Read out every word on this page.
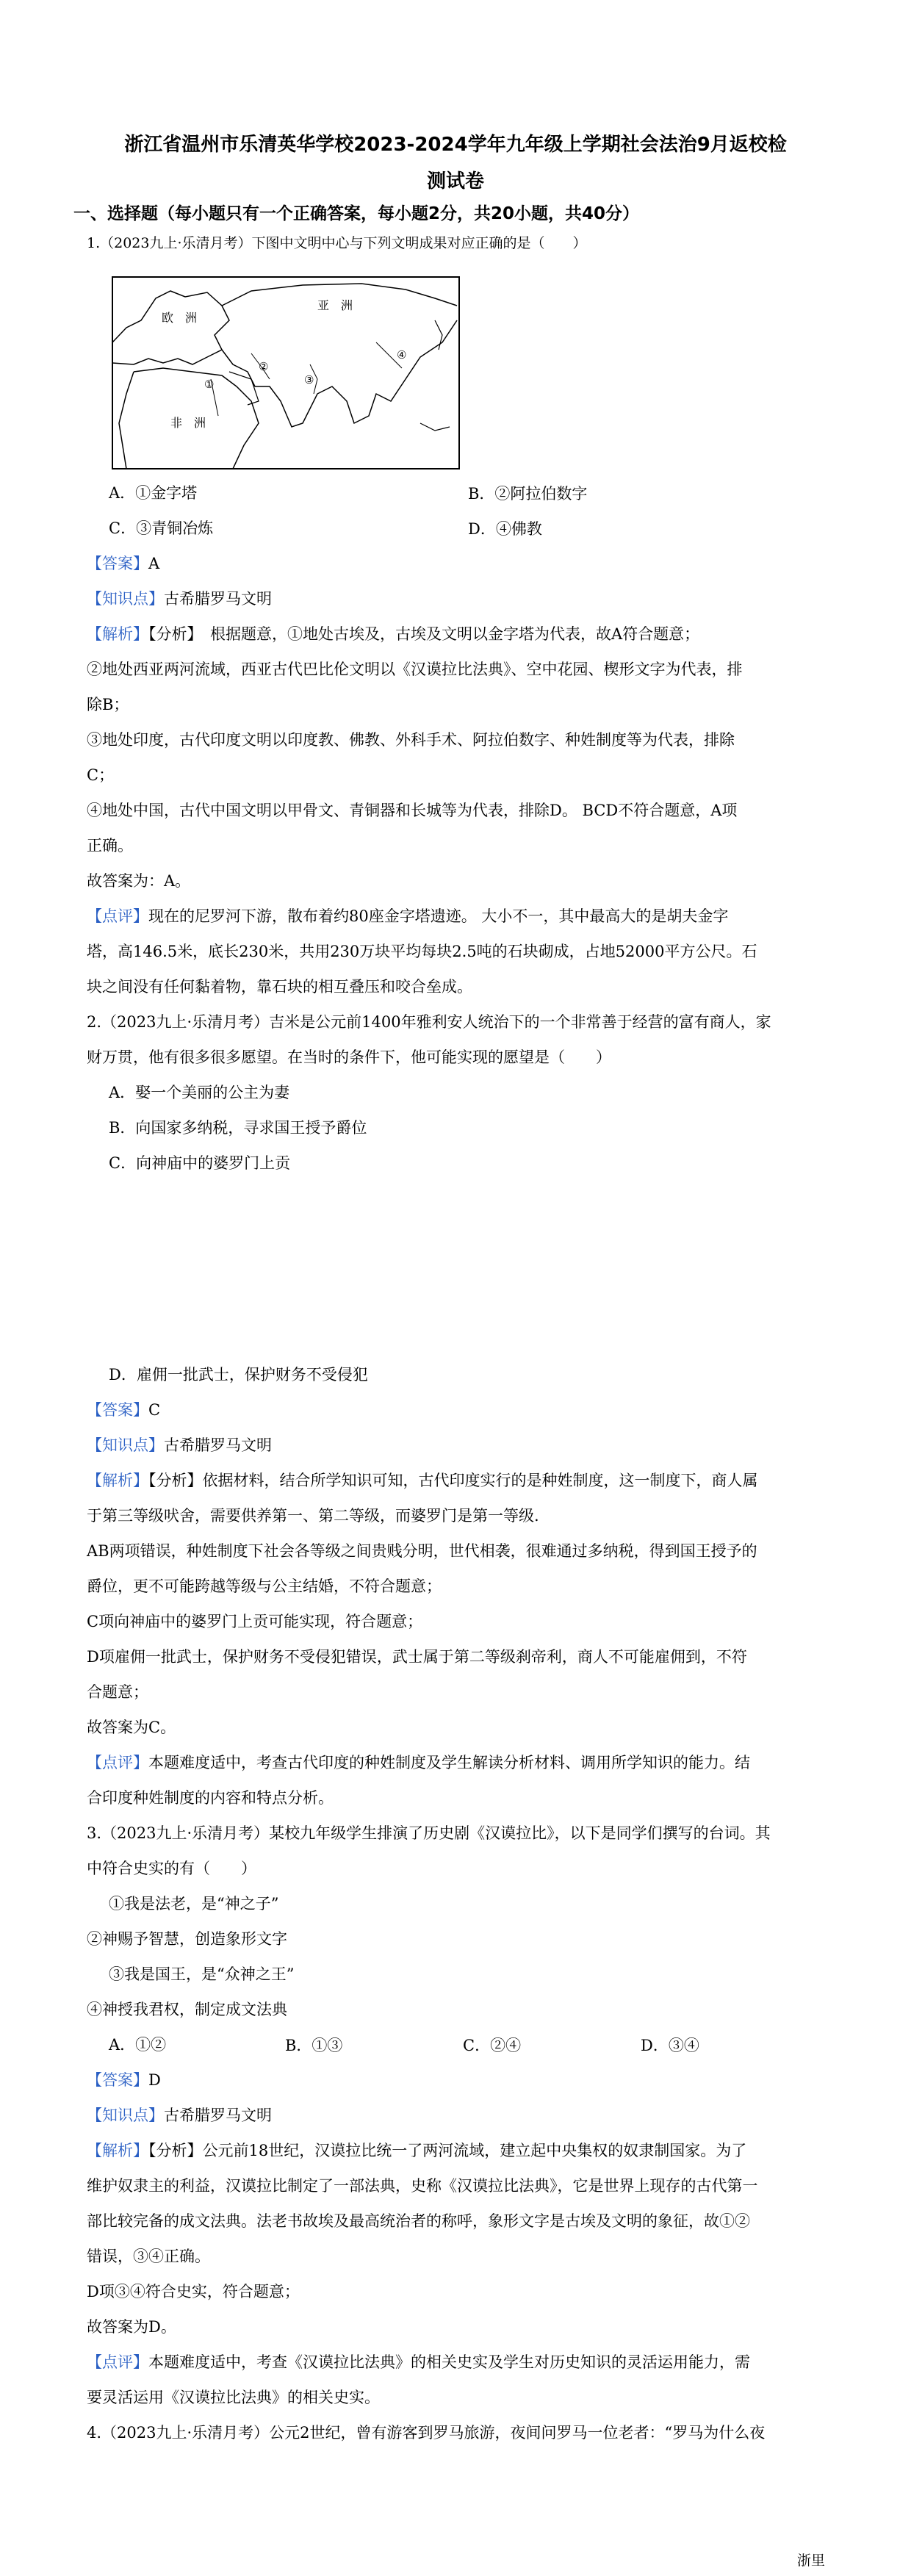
浙江省温州市乐清英华学校2023-2024学年九年级上学期社会法治9月返校检
测试卷
一、选择题（每小题只有一个正确答案，每小题2分，共20小题，共40分）
1.（2023九上·乐清月考）下图中文明中心与下列文明成果对应正确的是（　　）
欧　洲
亚　洲
非　洲
①
②
③
④
A．①金字塔	B．②阿拉伯数字
C．③青铜冶炼	D．④佛教
【答案】A
【知识点】古希腊罗马文明
【解析】【分析】　根据题意，①地处古埃及，古埃及文明以金字塔为代表，故A符合题意；
②地处西亚两河流域，西亚古代巴比伦文明以《汉谟拉比法典》、空中花园、楔形文字为代表，排
除B；
③地处印度，古代印度文明以印度教、佛教、外科手术、阿拉伯数字、种姓制度等为代表，排除
C；
④地处中国，古代中国文明以甲骨文、青铜器和长城等为代表，排除D。 BCD不符合题意，A项
正确。
故答案为：A。
【点评】现在的尼罗河下游，散布着约80座金字塔遗迹。 大小不一，其中最高大的是胡夫金字
塔，高146.5米，底长230米，共用230万块平均每块2.5吨的石块砌成，占地52000平方公尺。石
块之间没有任何黏着物，靠石块的相互叠压和咬合垒成。
2.（2023九上·乐清月考）吉米是公元前1400年雅利安人统治下的一个非常善于经营的富有商人，家
财万贯，他有很多很多愿望。在当时的条件下，他可能实现的愿望是（　　）
A．娶一个美丽的公主为妻
B．向国家多纳税，寻求国王授予爵位
C．向神庙中的婆罗门上贡
D．雇佣一批武士，保护财务不受侵犯
【答案】C
【知识点】古希腊罗马文明
【解析】【分析】依据材料，结合所学知识可知，古代印度实行的是种姓制度，这一制度下，商人属
于第三等级吠舍，需要供养第一、第二等级，而婆罗门是第一等级.
AB两项错误，种姓制度下社会各等级之间贵贱分明，世代相袭，很难通过多纳税，得到国王授予的
爵位，更不可能跨越等级与公主结婚，不符合题意；
C项向神庙中的婆罗门上贡可能实现，符合题意；
D项雇佣一批武士，保护财务不受侵犯错误，武士属于第二等级刹帝利，商人不可能雇佣到，不符
合题意；
故答案为C。
【点评】本题难度适中，考查古代印度的种姓制度及学生解读分析材料、调用所学知识的能力。结
合印度种姓制度的内容和特点分析。
3.（2023九上·乐清月考）某校九年级学生排演了历史剧《汉谟拉比》，以下是同学们撰写的台词。其
中符合史实的有（　　）
①我是法老，是“神之子”
②神赐予智慧，创造象形文字
③我是国王，是“众神之王”
④神授我君权，制定成文法典
A．①②	B．①③	C．②④	D．③④
【答案】D
【知识点】古希腊罗马文明
【解析】【分析】公元前18世纪，汉谟拉比统一了两河流域，建立起中央集权的奴隶制国家。为了
维护奴隶主的利益，汉谟拉比制定了一部法典，史称《汉谟拉比法典》，它是世界上现存的古代第一
部比较完备的成文法典。法老书故埃及最高统治者的称呼，象形文字是古埃及文明的象征，故①②
错误，③④正确。
D项③④符合史实，符合题意；
故答案为D。
【点评】本题难度适中，考查《汉谟拉比法典》的相关史实及学生对历史知识的灵活运用能力，需
要灵活运用《汉谟拉比法典》的相关史实。
4.（2023九上·乐清月考）公元2世纪，曾有游客到罗马旅游，夜间问罗马一位老者：“罗马为什么夜
浙里
